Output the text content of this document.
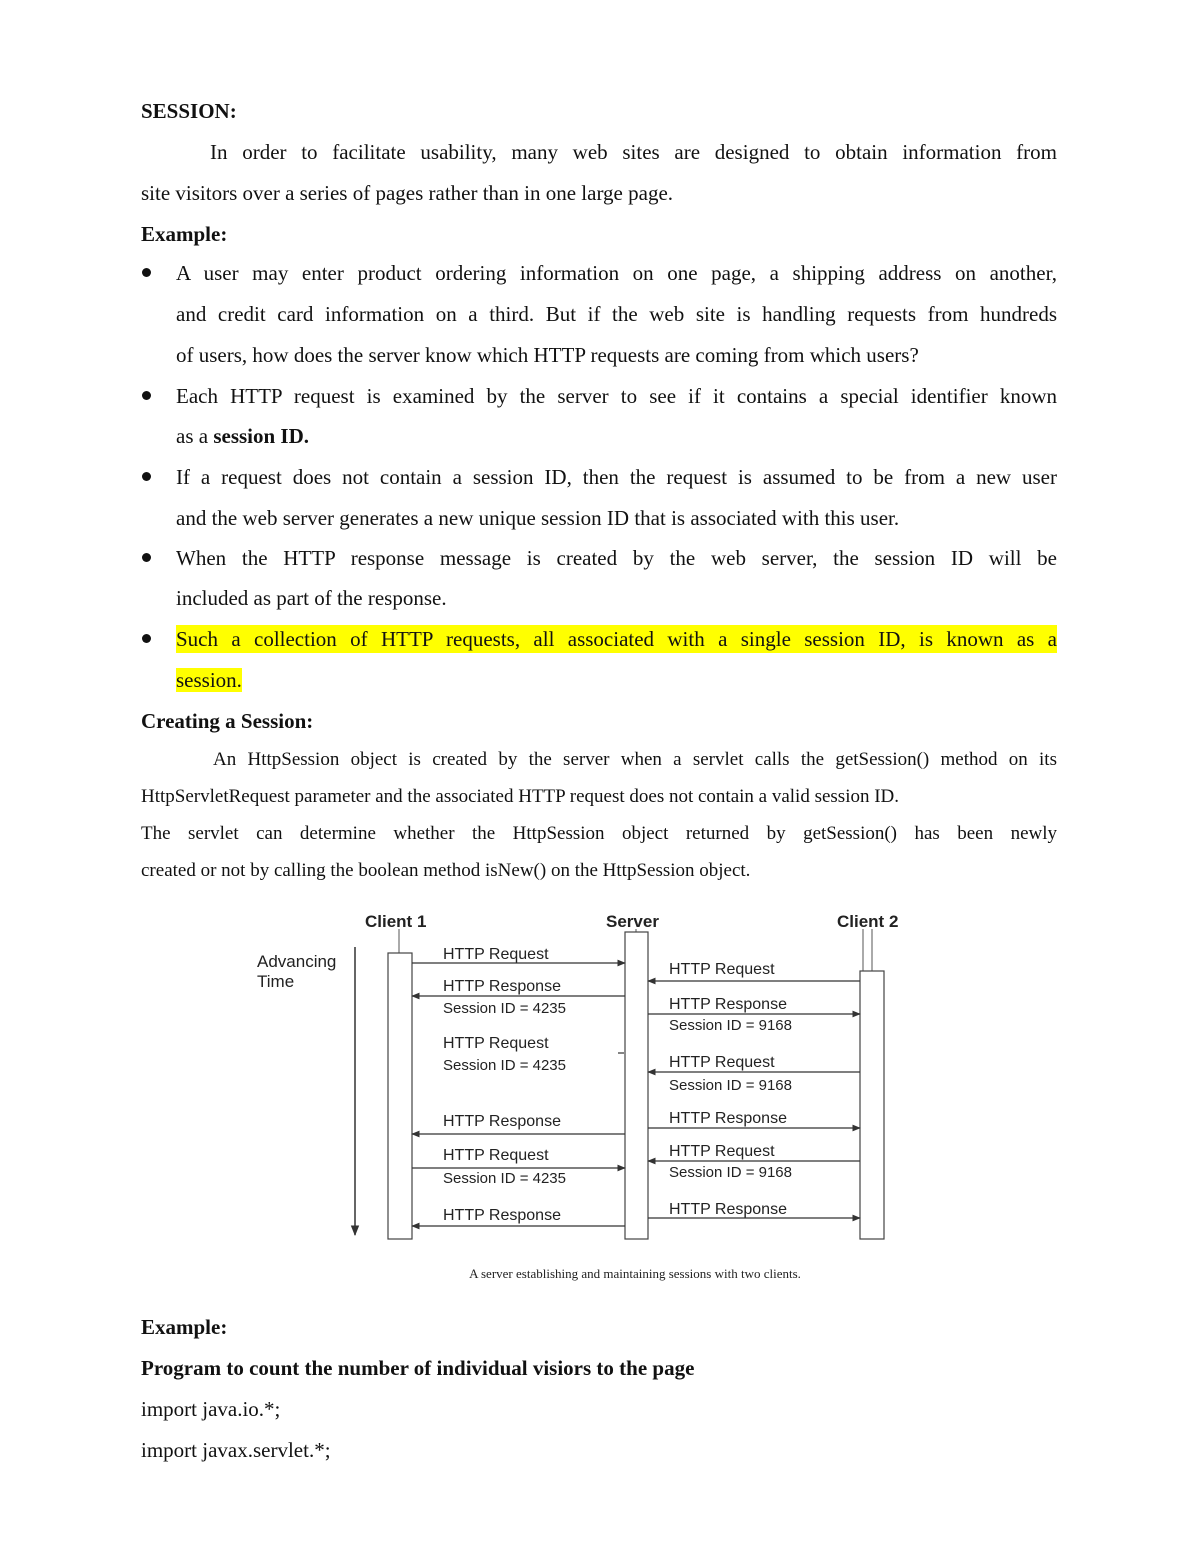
SESSION:
In order to facilitate usability, many web sites are designed to obtain information from
site visitors over a series of pages rather than in one large page.
Example:
A user may enter product ordering information on one page, a shipping address on another,
and credit card information on a third. But if the web site is handling requests from hundreds
of users, how does the server know which HTTP requests are coming from which users?
Each HTTP request is examined by the server to see if it contains a special identifier known
as a session ID.
If a request does not contain a session ID, then the request is assumed to be from a new user
and the web server generates a new unique session ID that is associated with this user.
When the HTTP response message is created by the web server, the session ID will be
included as part of the response.
Such a collection of HTTP requests, all associated with a single session ID, is known as a
session.
Creating a Session:
An HttpSession object is created by the server when a servlet calls the getSession() method on its
HttpServletRequest parameter and the associated HTTP request does not contain a valid session ID.
The servlet can determine whether the HttpSession object returned by getSession() has been newly
created or not by calling the boolean method isNew() on the HttpSession object.
Client 1	Server	Client 2
Advancing
Time
HTTP Request
HTTP Response
Session ID = 4235
HTTP Request
Session ID = 4235
HTTP Response
HTTP Request
Session ID = 4235
HTTP Response
HTTP Request
HTTP Response
Session ID = 9168
HTTP Request
Session ID = 9168
HTTP Response
HTTP Request
Session ID = 9168
HTTP Response
A server establishing and maintaining sessions with two clients.
Example:
Program to count the number of individual visiors to the page
import java.io.*;
import javax.servlet.*;
